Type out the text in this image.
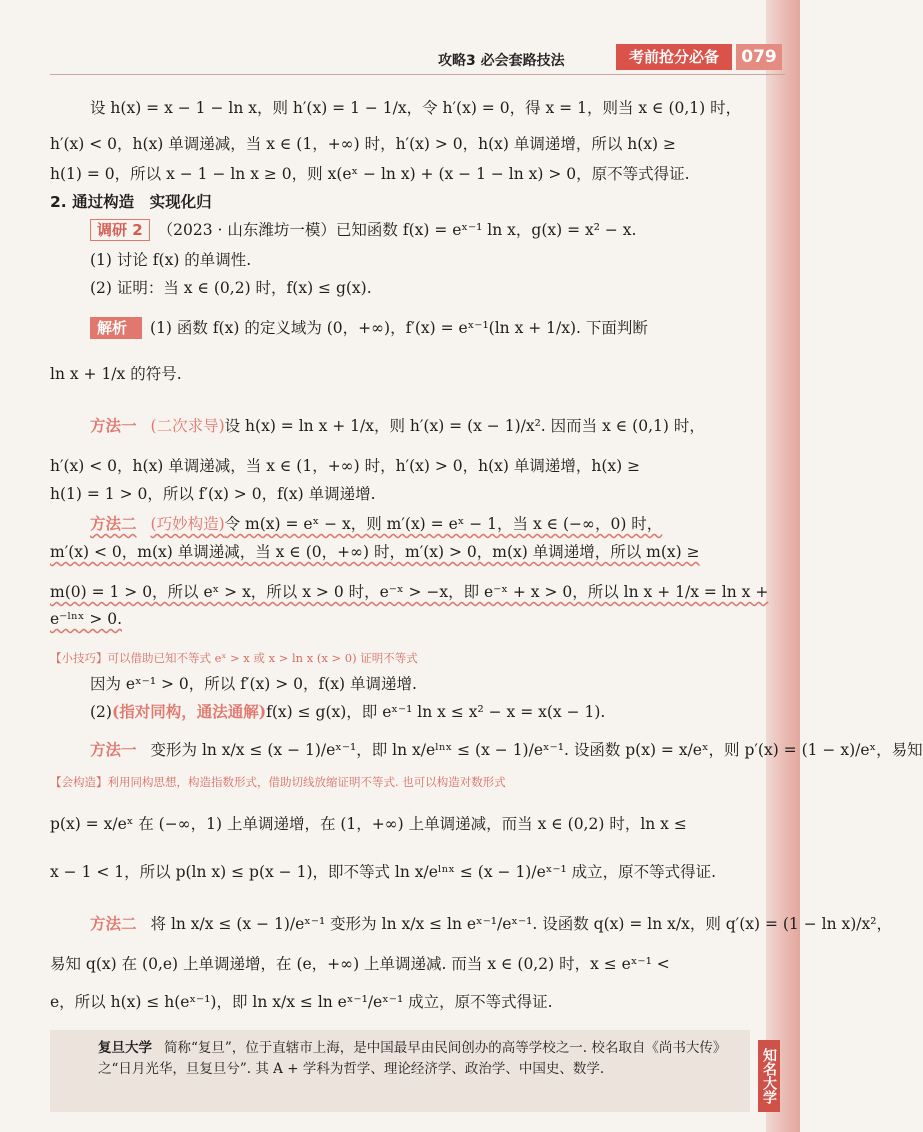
攻略3 必会套路技法	考前抢分必备	079
设 h(x) = x − 1 − ln x，则 h′(x) = 1 − 1/x，令 h′(x) = 0，得 x = 1，则当 x ∈ (0,1) 时，
h′(x) < 0，h(x) 单调递减，当 x ∈ (1，+∞) 时，h′(x) > 0，h(x) 单调递增，所以 h(x) ≥
h(1) = 0，所以 x − 1 − ln x ≥ 0，则 x(eˣ − ln x) + (x − 1 − ln x) > 0，原不等式得证.
2. 通过构造　实现化归
调研 2 （2023 · 山东潍坊一模）已知函数 f(x) = eˣ⁻¹ ln x，g(x) = x² − x.
(1) 讨论 f(x) 的单调性.
(2) 证明：当 x ∈ (0,2) 时，f(x) ≤ g(x).
解析 (1) 函数 f(x) 的定义域为 (0，+∞)，f′(x) = eˣ⁻¹(ln x + 1/x). 下面判断
ln x + 1/x 的符号.
方法一 (二次求导)设 h(x) = ln x + 1/x，则 h′(x) = (x − 1)/x². 因而当 x ∈ (0,1) 时，
h′(x) < 0，h(x) 单调递减，当 x ∈ (1，+∞) 时，h′(x) > 0，h(x) 单调递增，h(x) ≥
h(1) = 1 > 0，所以 f′(x) > 0，f(x) 单调递增.
方法二 (巧妙构造)令 m(x) = eˣ − x，则 m′(x) = eˣ − 1，当 x ∈ (−∞，0) 时，
m′(x) < 0，m(x) 单调递减，当 x ∈ (0，+∞) 时，m′(x) > 0，m(x) 单调递增，所以 m(x) ≥
m(0) = 1 > 0，所以 eˣ > x，所以 x > 0 时，e⁻ˣ > −x，即 e⁻ˣ + x > 0，所以 ln x + 1/x = ln x +
e⁻ˡⁿˣ > 0.
【小技巧】可以借助已知不等式 eˣ > x 或 x > ln x (x > 0) 证明不等式
因为 eˣ⁻¹ > 0，所以 f′(x) > 0，f(x) 单调递增.
(2)(指对同构，通法通解)f(x) ≤ g(x)，即 eˣ⁻¹ ln x ≤ x² − x = x(x − 1).
方法一 变形为 ln x/x ≤ (x − 1)/eˣ⁻¹，即 ln x/eˡⁿˣ ≤ (x − 1)/eˣ⁻¹. 设函数 p(x) = x/eˣ，则 p′(x) = (1 − x)/eˣ，易知
【会构造】利用同构思想，构造指数形式，借助切线放缩证明不等式. 也可以构造对数形式
p(x) = x/eˣ 在 (−∞，1) 上单调递增，在 (1，+∞) 上单调递减，而当 x ∈ (0,2) 时，ln x ≤
x − 1 < 1，所以 p(ln x) ≤ p(x − 1)，即不等式 ln x/eˡⁿˣ ≤ (x − 1)/eˣ⁻¹ 成立，原不等式得证.
方法二 将 ln x/x ≤ (x − 1)/eˣ⁻¹ 变形为 ln x/x ≤ ln eˣ⁻¹/eˣ⁻¹. 设函数 q(x) = ln x/x，则 q′(x) = (1 − ln x)/x²，
易知 q(x) 在 (0,e) 上单调递增，在 (e，+∞) 上单调递减. 而当 x ∈ (0,2) 时，x ≤ eˣ⁻¹ <
e，所以 h(x) ≤ h(eˣ⁻¹)，即 ln x/x ≤ ln eˣ⁻¹/eˣ⁻¹ 成立，原不等式得证.
复旦大学 简称“复旦”，位于直辖市上海，是中国最早由民间创办的高等学校之一. 校名取自《尚书大传》之“日月光华，旦复旦兮”. 其 A + 学科为哲学、理论经济学、政治学、中国史、数学.	知名大学
